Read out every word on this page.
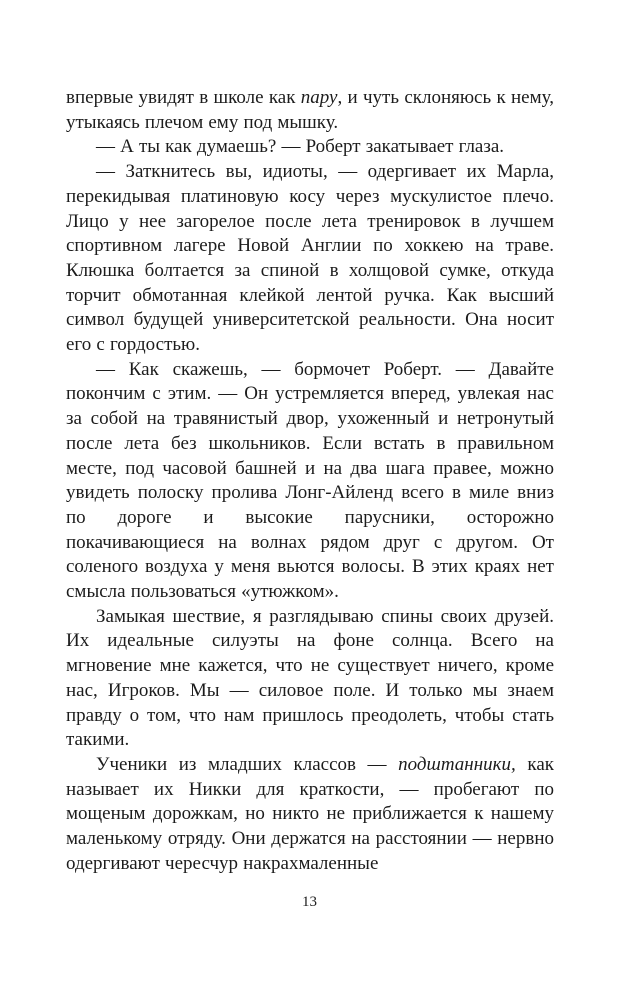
впервые увидят в школе как пару, и чуть склоняюсь к нему, утыкаясь плечом ему под мышку.

— А ты как думаешь? — Роберт закатывает глаза.

— Заткнитесь вы, идиоты, — одергивает их Марла, перекидывая платиновую косу через мускулистое плечо. Лицо у нее загорелое после лета тренировок в лучшем спортивном лагере Новой Англии по хоккею на траве. Клюшка болтается за спиной в холщовой сумке, откуда торчит обмотанная клейкой лентой ручка. Как высший символ будущей университетской реальности. Она носит его с гордостью.

— Как скажешь, — бормочет Роберт. — Давайте покончим с этим. — Он устремляется вперед, увлекая нас за собой на травянистый двор, ухоженный и нетронутый после лета без школьников. Если встать в правильном месте, под часовой башней и на два шага правее, можно увидеть полоску пролива Лонг-Айленд всего в миле вниз по дороге и высокие парусники, осторожно покачивающиеся на волнах рядом друг с другом. От соленого воздуха у меня вьются волосы. В этих краях нет смысла пользоваться «утюжком».

Замыкая шествие, я разглядываю спины своих друзей. Их идеальные силуэты на фоне солнца. Всего на мгновение мне кажется, что не существует ничего, кроме нас, Игроков. Мы — силовое поле. И только мы знаем правду о том, что нам пришлось преодолеть, чтобы стать такими.

Ученики из младших классов — подштанники, как называет их Никки для краткости, — пробегают по мощеным дорожкам, но никто не приближается к нашему маленькому отряду. Они держатся на расстоянии — нервно одергивают чересчур накрахмаленные

13
